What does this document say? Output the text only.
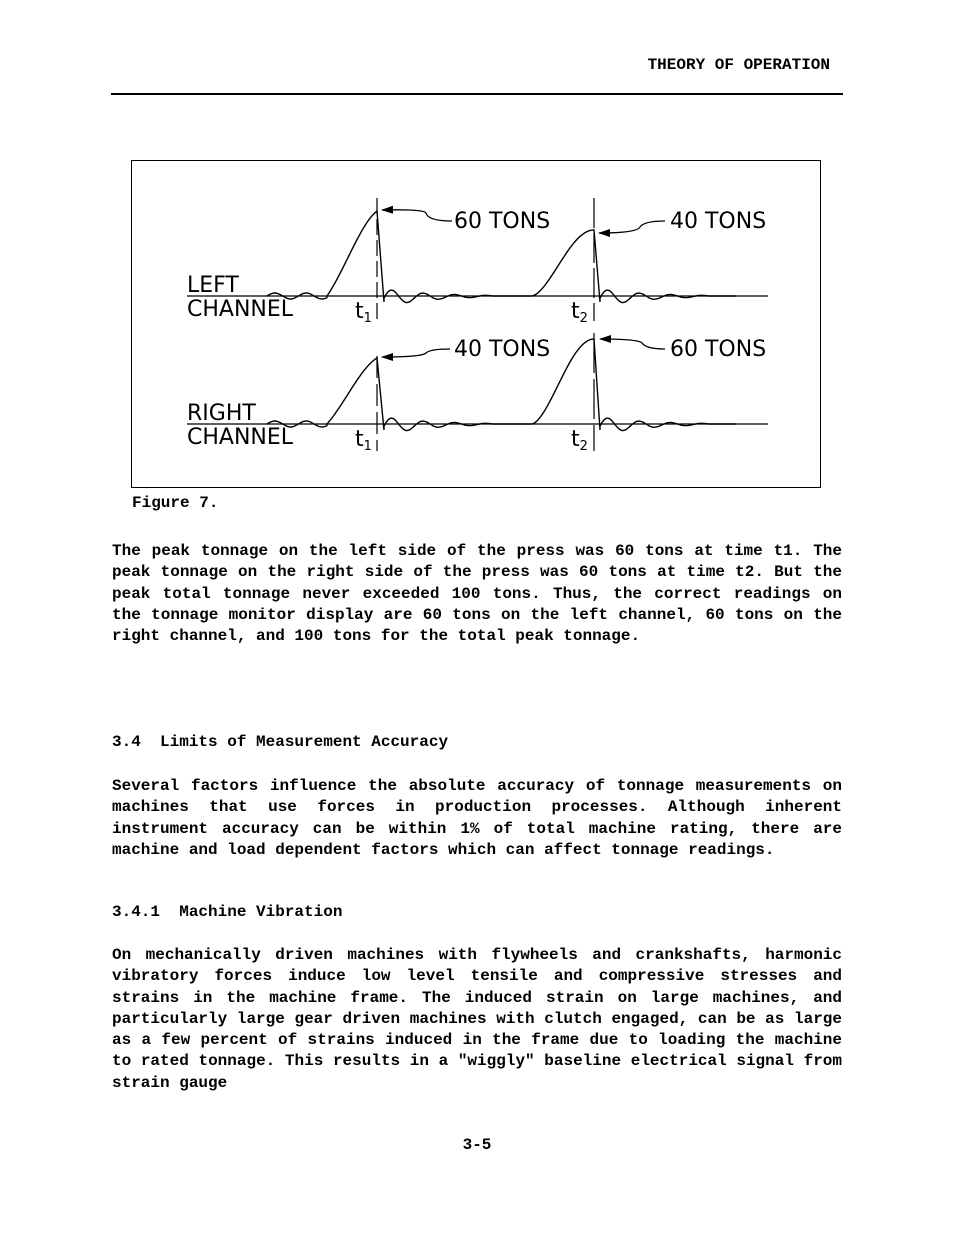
THEORY OF OPERATION
LEFT
CHANNEL	t1	t2
60 TONS	40 TONS
RIGHT
CHANNEL	t1	t2
40 TONS	60 TONS
Figure 7.
The peak tonnage on the left side of the press was 60 tons at time t1. The peak tonnage on the right side of the press was 60 tons at time t2. But the peak total tonnage never exceeded 100 tons. Thus, the correct readings on the tonnage monitor display are 60 tons on the left channel, 60 tons on the right channel, and 100 tons for the total peak tonnage.
3.4  Limits of Measurement Accuracy
Several factors influence the absolute accuracy of tonnage measurements on machines that use forces in production processes. Although inherent instrument accuracy can be within 1% of total machine rating, there are machine and load dependent factors which can affect tonnage readings.
3.4.1  Machine Vibration
On mechanically driven machines with flywheels and crankshafts, harmonic vibratory forces induce low level tensile and compressive stresses and strains in the machine frame. The induced strain on large machines, and particularly large gear driven machines with clutch engaged, can be as large as a few percent of strains induced in the frame due to loading the machine to rated tonnage. This results in a "wiggly" baseline electrical signal from strain gauge
3-5
